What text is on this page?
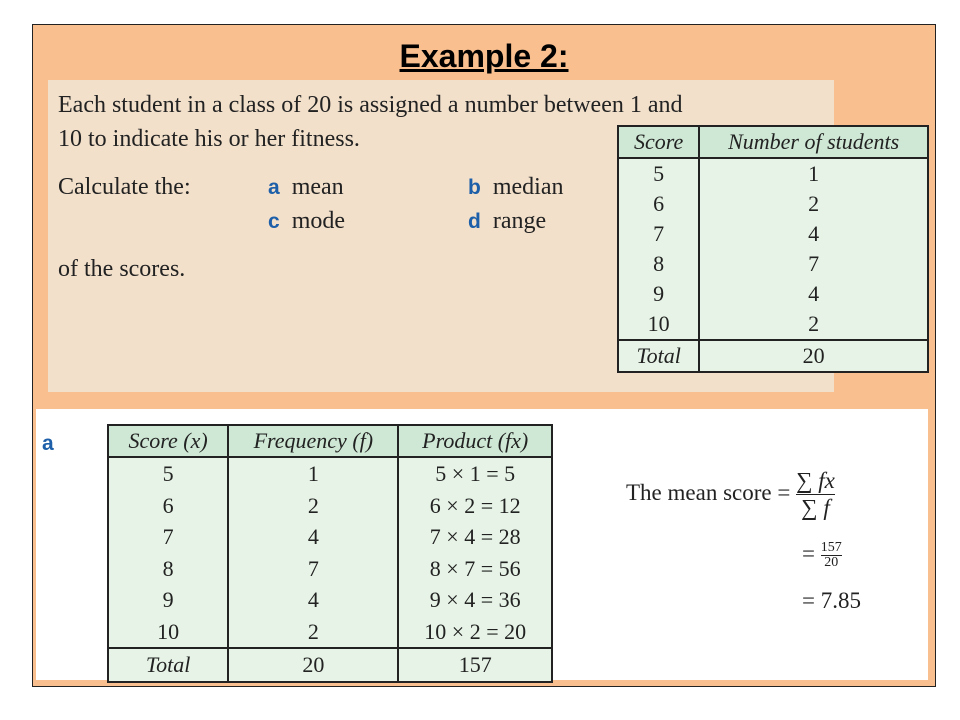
Each student in a class of 20 is assigned a number between 1 and
10 to indicate his or her fitness.
Calculate the:	a mean	b median
c mode	d range
of the scores.
Example 2:
Score	Number of students
5	1
6	2
7	4
8	7
9	4
10	2
Total	20
a	Score (x)	Frequency (f)	Product (fx)
5	1	5 × 1 = 5
6	2	6 × 2 = 12
7	4	7 × 4 = 28
8	7	8 × 7 = 56
9	4	9 × 4 = 36
10	2	10 × 2 = 20
Total	20	157
The mean score = $\frac{\sum fx}{\sum f}$
= $\frac{157}{20}$
= 7.85
